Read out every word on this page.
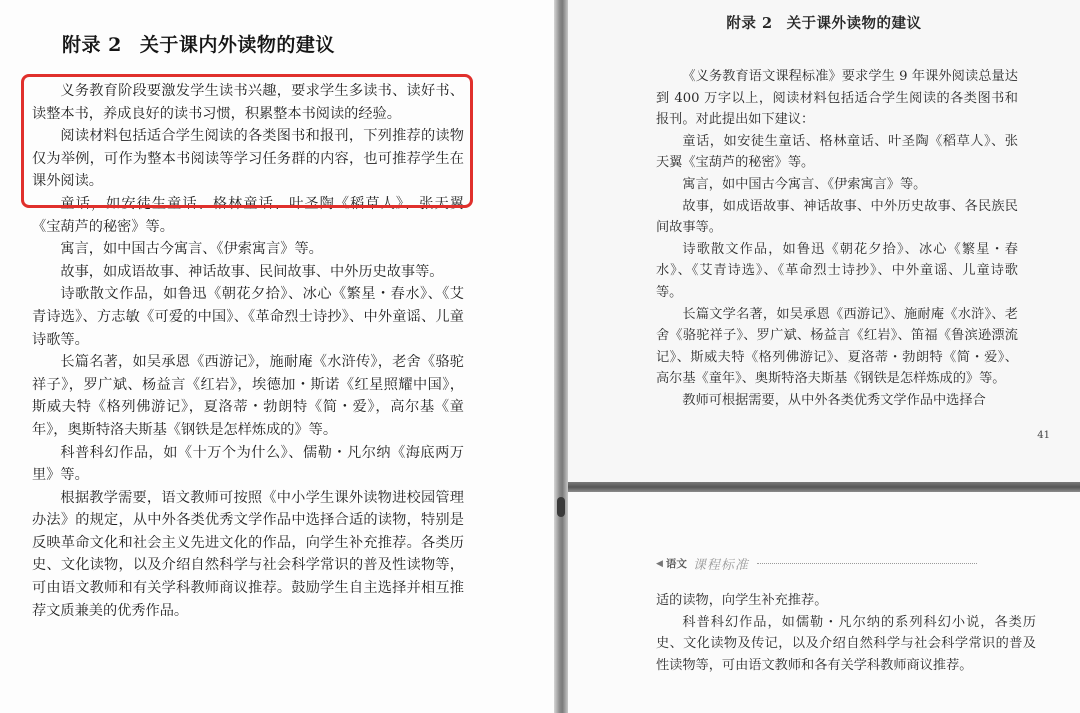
附录 2 关于课内外读物的建议

义务教育阶段要激发学生读书兴趣，要求学生多读书、读好书、读整本书，养成良好的读书习惯，积累整本书阅读的经验。

阅读材料包括适合学生阅读的各类图书和报刊，下列推荐的读物仅为举例，可作为整本书阅读等学习任务群的内容，也可推荐学生在课外阅读。

童话，如安徒生童话、格林童话、叶圣陶《稻草人》、张天翼《宝葫芦的秘密》等。

寓言，如中国古今寓言、《伊索寓言》等。

故事，如成语故事、神话故事、民间故事、中外历史故事等。

诗歌散文作品，如鲁迅《朝花夕拾》、冰心《繁星・春水》、《艾青诗选》、方志敏《可爱的中国》、《革命烈士诗抄》、中外童谣、儿童诗歌等。

长篇名著，如吴承恩《西游记》，施耐庵《水浒传》，老舍《骆驼祥子》，罗广斌、杨益言《红岩》，埃德加・斯诺《红星照耀中国》，斯威夫特《格列佛游记》，夏洛蒂・勃朗特《简・爱》，高尔基《童年》，奥斯特洛夫斯基《钢铁是怎样炼成的》等。

科普科幻作品，如《十万个为什么》、儒勒・凡尔纳《海底两万里》等。

根据教学需要，语文教师可按照《中小学生课外读物进校园管理办法》的规定，从中外各类优秀文学作品中选择合适的读物，特别是反映革命文化和社会主义先进文化的作品，向学生补充推荐。各类历史、文化读物，以及介绍自然科学与社会科学常识的普及性读物等，可由语文教师和有关学科教师商议推荐。鼓励学生自主选择并相互推荐文质兼美的优秀作品。

附录 2 关于课外读物的建议

《义务教育语文课程标准》要求学生 9 年课外阅读总量达到 400 万字以上，阅读材料包括适合学生阅读的各类图书和报刊。对此提出如下建议：

童话，如安徒生童话、格林童话、叶圣陶《稻草人》、张天翼《宝葫芦的秘密》等。

寓言，如中国古今寓言、《伊索寓言》等。

故事，如成语故事、神话故事、中外历史故事、各民族民间故事等。

诗歌散文作品，如鲁迅《朝花夕拾》、冰心《繁星・春水》、《艾青诗选》、《革命烈士诗抄》、中外童谣、儿童诗歌等。

长篇文学名著，如吴承恩《西游记》、施耐庵《水浒》、老舍《骆驼祥子》、罗广斌、杨益言《红岩》、笛福《鲁滨逊漂流记》、斯威夫特《格列佛游记》、夏洛蒂・勃朗特《简・爱》、高尔基《童年》、奥斯特洛夫斯基《钢铁是怎样炼成的》等。

教师可根据需要，从中外各类优秀文学作品中选择合

41
◀ 语文 课程标准

适的读物，向学生补充推荐。

科普科幻作品，如儒勒・凡尔纳的系列科幻小说，各类历史、文化读物及传记，以及介绍自然科学与社会科学常识的普及性读物等，可由语文教师和各有关学科教师商议推荐。
